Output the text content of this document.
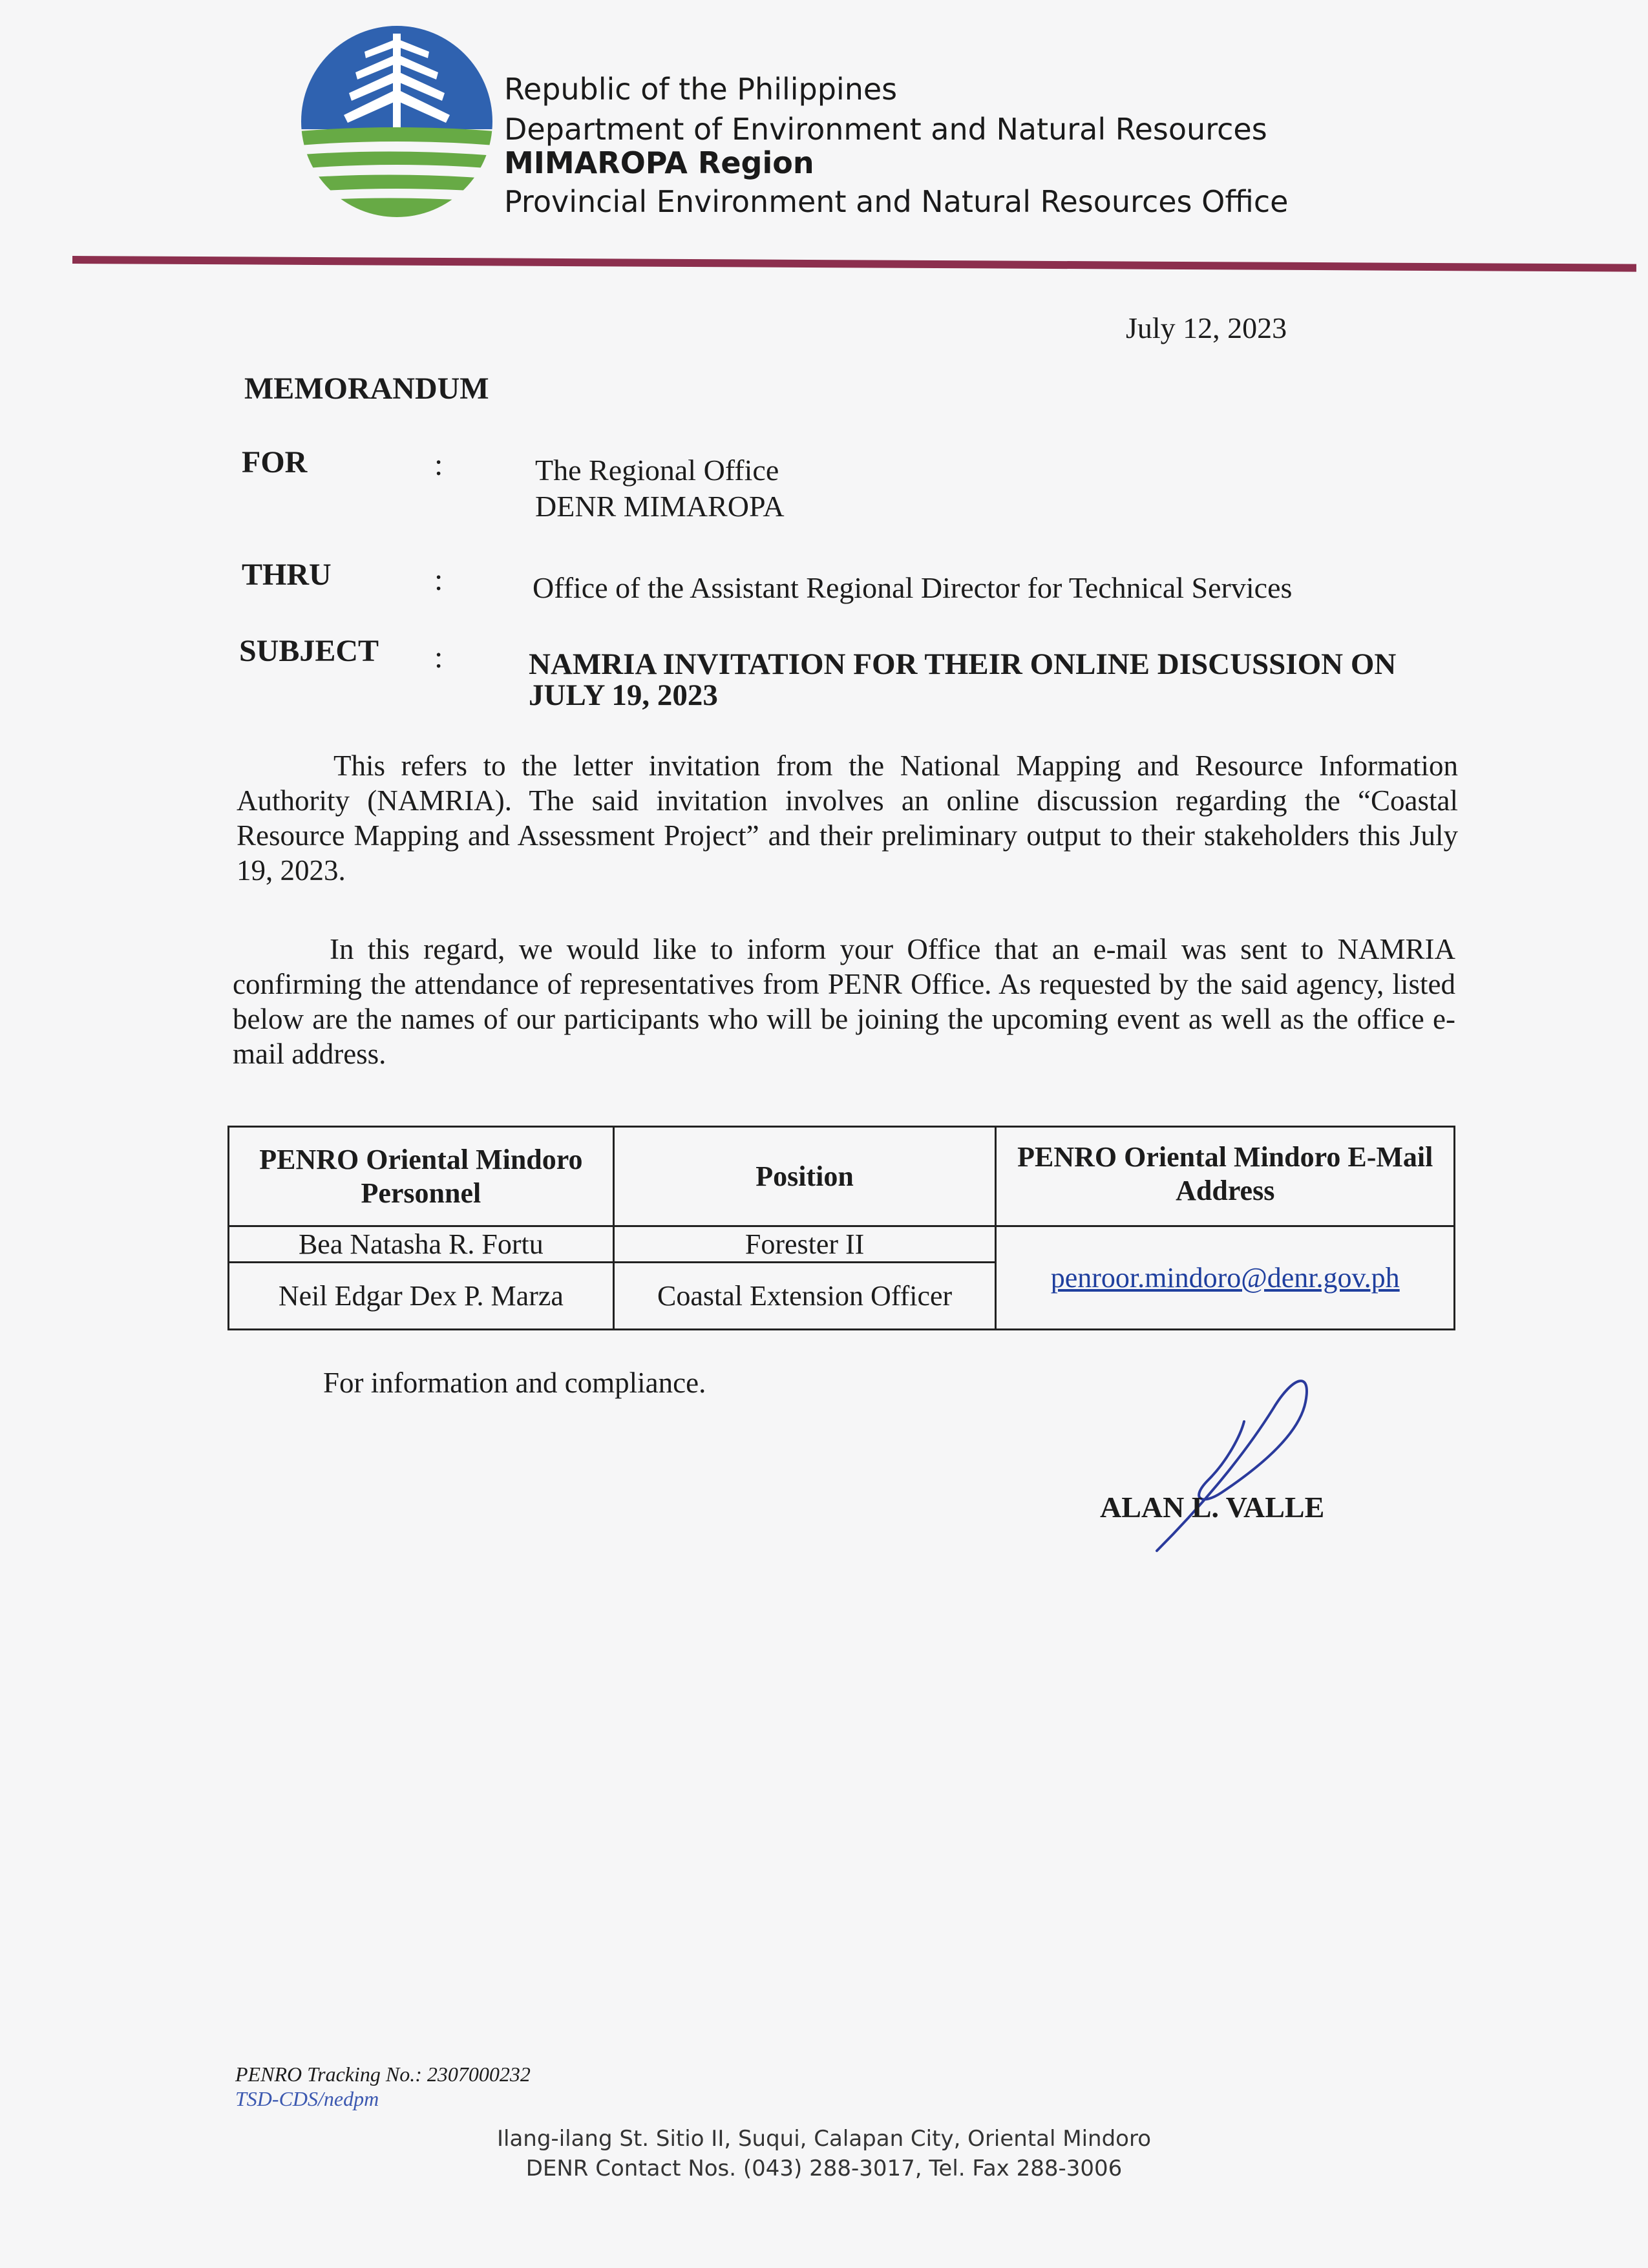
Republic of the Philippines
Department of Environment and Natural Resources
MIMAROPA Region
Provincial Environment and Natural Resources Office
July 12, 2023
MEMORANDUM
FOR	:	The Regional Office
DENR MIMAROPA
THRU	:	Office of the Assistant Regional Director for Technical Services
SUBJECT :	NAMRIA INVITATION FOR THEIR ONLINE DISCUSSION ON
JULY 19, 2023
This refers to the letter invitation from the National Mapping and Resource Information Authority (NAMRIA). The said invitation involves an online discussion regarding the “Coastal Resource Mapping and Assessment Project” and their preliminary output to their stakeholders this July 19, 2023.
In this regard, we would like to inform your Office that an e-mail was sent to NAMRIA confirming the attendance of representatives from PENR Office. As requested by the said agency, listed below are the names of our participants who will be joining the upcoming event as well as the office e-mail address.
PENRO Oriental Mindoro Personnel	Position	PENRO Oriental Mindoro E-Mail Address
Bea Natasha R. Fortu	Forester II	penroor.mindoro@denr.gov.ph
Neil Edgar Dex P. Marza	Coastal Extension Officer	
For information and compliance.
ALAN L. VALLE
PENRO Tracking No.: 2307000232
TSD-CDS/nedpm
Ilang-ilang St. Sitio II, Suqui, Calapan City, Oriental Mindoro
DENR Contact Nos. (043) 288-3017, Tel. Fax 288-3006
